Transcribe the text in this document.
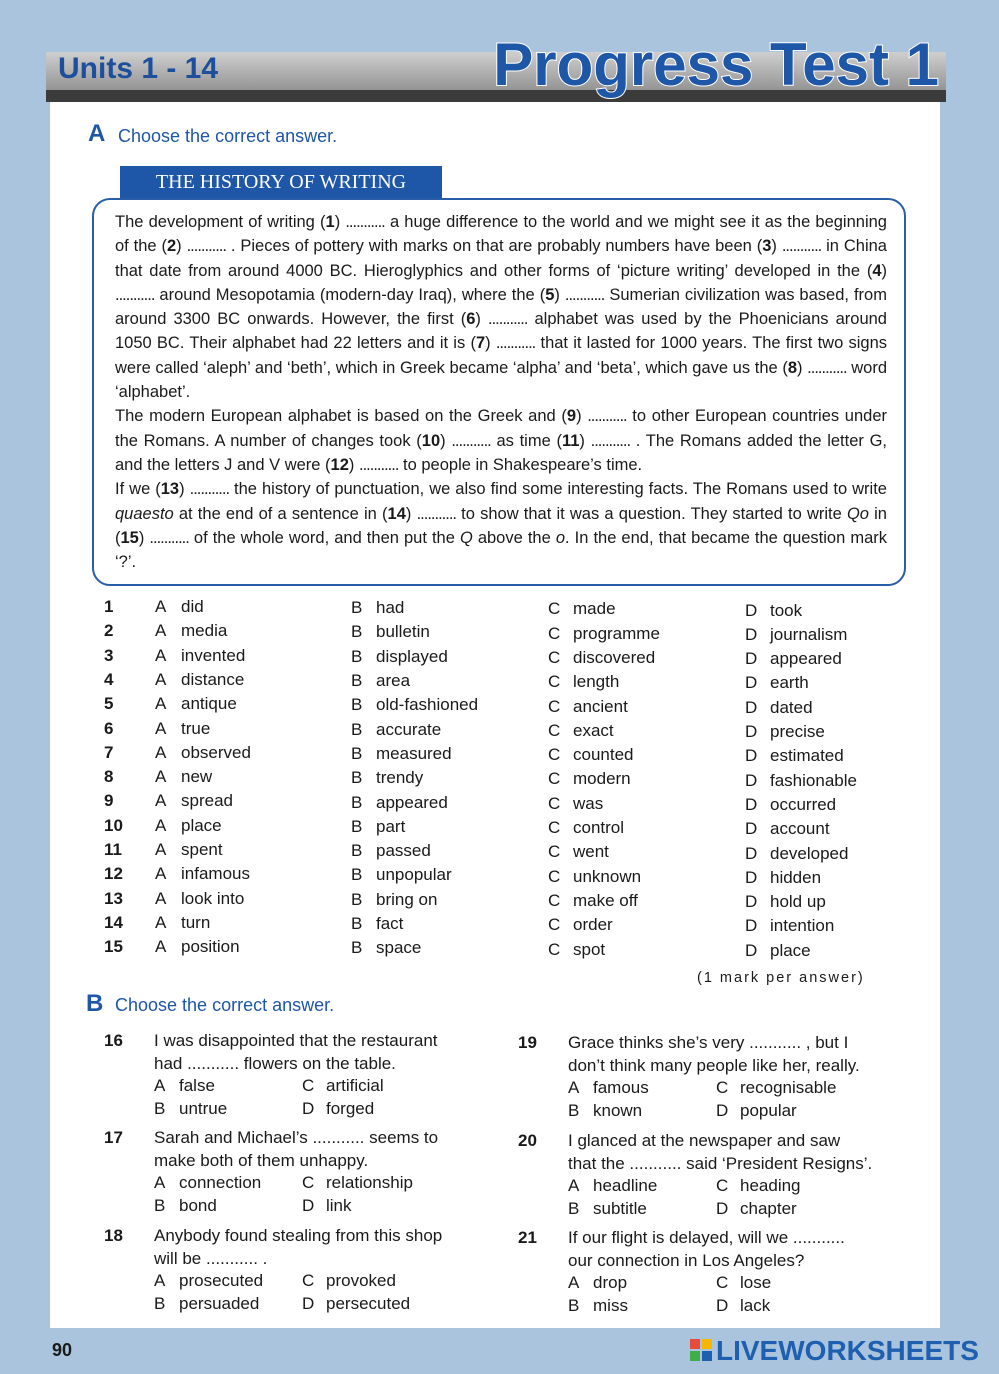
Units 1 - 14	Progress Test 1
A Choose the correct answer.
THE HISTORY OF WRITING

The development of writing (1) ........... a huge difference to the world and we might see it as the beginning of the (2) ........... . Pieces of pottery with marks on that are probably numbers have been (3) ........... in China that date from around 4000 BC. Hieroglyphics and other forms of ‘picture writing’ developed in the (4) ........... around Mesopotamia (modern-day Iraq), where the (5) ........... Sumerian civilization was based, from around 3300 BC onwards. However, the first (6) ........... alphabet was used by the Phoenicians around 1050 BC. Their alphabet had 22 letters and it is (7) ........... that it lasted for 1000 years. The first two signs were called ‘aleph’ and ‘beth’, which in Greek became ‘alpha’ and ‘beta’, which gave us the (8) ........... word ‘alphabet’.

The modern European alphabet is based on the Greek and (9) ........... to other European countries under the Romans. A number of changes took (10) ........... as time (11) ........... . The Romans added the letter G, and the letters J and V were (12) ........... to people in Shakespeare’s time.

If we (13) ........... the history of punctuation, we also find some interesting facts. The Romans used to write quaesto at the end of a sentence in (14) ........... to show that it was a question. They started to write Qo in (15) ........... of the whole word, and then put the Q above the o. In the end, that became the question mark ‘?’.

1	A did	B had	C made	D took
2	A media	B bulletin	C programme	D journalism
3	A invented	B displayed	C discovered	D appeared
4	A distance	B area	C length	D earth
5	A antique	B old-fashioned	C ancient	D dated
6	A true	B accurate	C exact	D precise
7	A observed	B measured	C counted	D estimated
8	A new	B trendy	C modern	D fashionable
9	A spread	B appeared	C was	D occurred
10	A place	B part	C control	D account
11	A spent	B passed	C went	D developed
12	A infamous	B unpopular	C unknown	D hidden
13	A look into	B bring on	C make off	D hold up
14	A turn	B fact	C order	D intention
15	A position	B space	C spot	D place
(1 mark per answer)
B Choose the correct answer.
16 I was disappointed that the restaurant
had ........... flowers on the table.
A false
B untrue
C artificial
D forged
17 Sarah and Michael’s ........... seems to
make both of them unhappy.
A connection
B bond
C relationship
D link
18 Anybody found stealing from this shop
will be ........... .
A prosecuted
B persuaded
C provoked
D persecuted
19 Grace thinks she’s very ........... , but I
don’t think many people like her, really.
A famous
B known
C recognisable
D popular
20 I glanced at the newspaper and saw
that the ........... said ‘President Resigns’.
A headline
B subtitle
C heading
D chapter
21 If our flight is delayed, will we ...........
our connection in Los Angeles?
A drop
B miss
C lose
D lack
90	LIVEWORKSHEETS
